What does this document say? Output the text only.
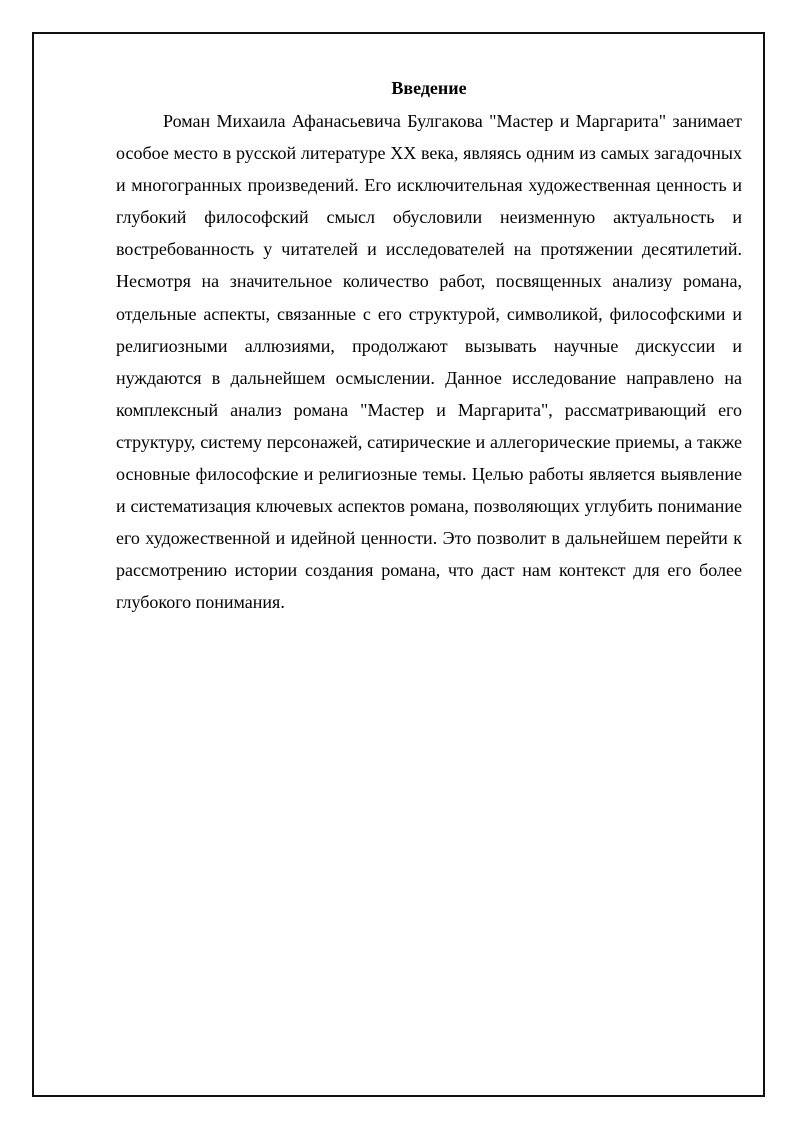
Введение

Роман Михаила Афанасьевича Булгакова "Мастер и Маргарита" занимает особое место в русской литературе XX века, являясь одним из самых загадочных и многогранных произведений. Его исключительная художественная ценность и глубокий философский смысл обусловили неизменную актуальность и востребованность у читателей и исследователей на протяжении десятилетий. Несмотря на значительное количество работ, посвященных анализу романа, отдельные аспекты, связанные с его структурой, символикой, философскими и религиозными аллюзиями, продолжают вызывать научные дискуссии и нуждаются в дальнейшем осмыслении. Данное исследование направлено на комплексный анализ романа "Мастер и Маргарита", рассматривающий его структуру, систему персонажей, сатирические и аллегорические приемы, а также основные философские и религиозные темы. Целью работы является выявление и систематизация ключевых аспектов романа, позволяющих углубить понимание его художественной и идейной ценности. Это позволит в дальнейшем перейти к рассмотрению истории создания романа, что даст нам контекст для его более глубокого понимания.
